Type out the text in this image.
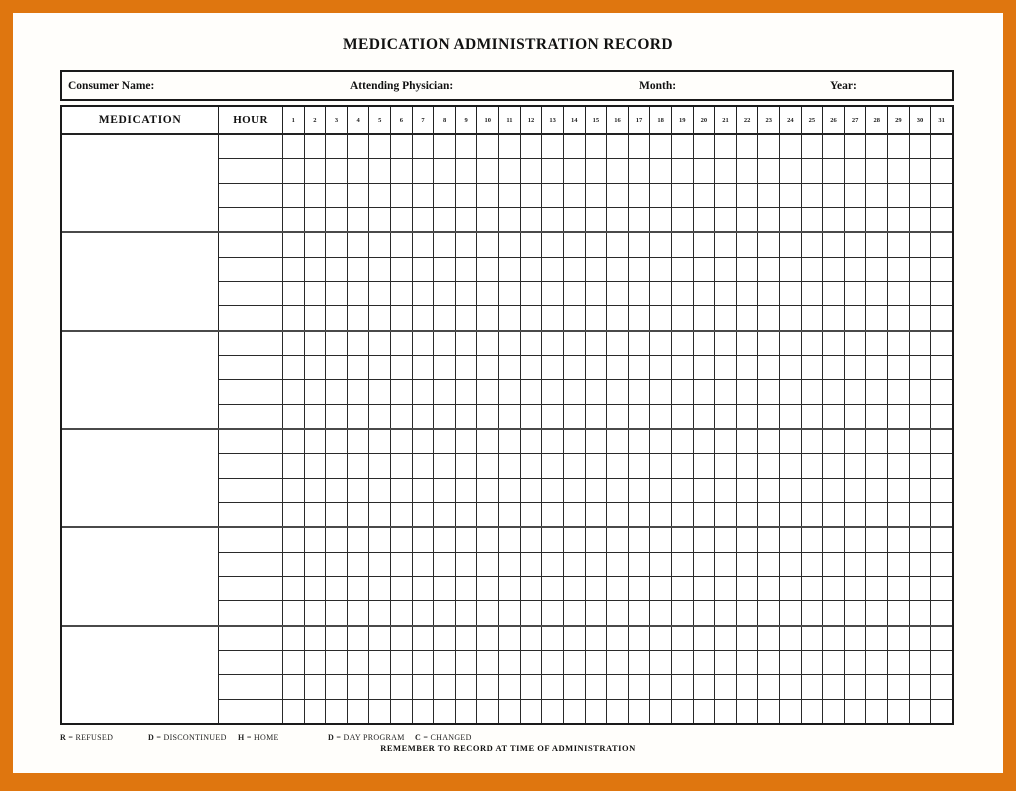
MEDICATION ADMINISTRATION RECORD
Consumer Name:	Attending Physician:	Month:	Year:
MEDICATION	HOUR	1	2	3	4	5	6	7	8	9	10	11	12	13	14	15	16	17	18	19	20	21	22	23	24	25	26	27	28	29	30	31
R = REFUSED	D = DISCONTINUED H = HOME	D = DAY PROGRAM C = CHANGED
REMEMBER TO RECORD AT TIME OF ADMINISTRATION
